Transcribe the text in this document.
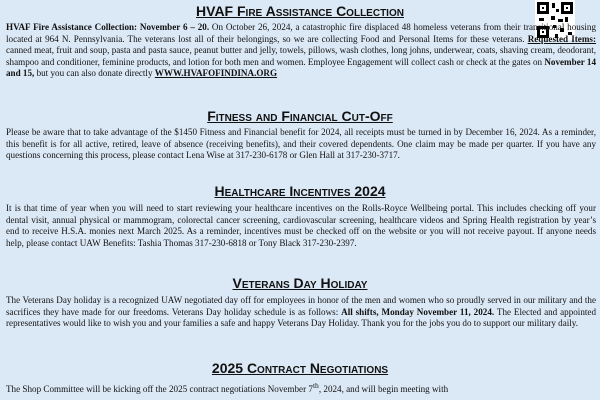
HVAF Fire Assistance Collection

HVAF Fire Assistance Collection: November 6 – 20. On October 26, 2024, a catastrophic fire displaced 48 homeless veterans from their transitional housing located at 964 N. Pennsylvania. The veterans lost all of their belongings, so we are collecting Food and Personal Items for these veterans. Requested Items: canned meat, fruit and soup, pasta and pasta sauce, peanut butter and jelly, towels, pillows, wash clothes, long johns, underwear, coats, shaving cream, deodorant, shampoo and conditioner, feminine products, and lotion for both men and women. Employee Engagement will collect cash or check at the gates on November 14 and 15, but you can also donate directly WWW.HVAFOFINDINA.ORG

Fitness and Financial Cut-Off

Please be aware that to take advantage of the $1450 Fitness and Financial benefit for 2024, all receipts must be turned in by December 16, 2024. As a reminder, this benefit is for all active, retired, leave of absence (receiving benefits), and their covered dependents. One claim may be made per quarter. If you have any questions concerning this process, please contact Lena Wise at 317-230-6178 or Glen Hall at 317-230-3717.

Healthcare Incentives 2024

It is that time of year when you will need to start reviewing your healthcare incentives on the Rolls-Royce Wellbeing portal. This includes checking off your dental visit, annual physical or mammogram, colorectal cancer screening, cardiovascular screening, healthcare videos and Spring Health registration by year’s end to receive H.S.A. monies next March 2025. As a reminder, incentives must be checked off on the website or you will not receive payout. If anyone needs help, please contact UAW Benefits: Tashia Thomas 317-230-6818 or Tony Black 317-230-2397.

Veterans Day Holiday

The Veterans Day holiday is a recognized UAW negotiated day off for employees in honor of the men and women who so proudly served in our military and the sacrifices they have made for our freedoms. Veterans Day holiday schedule is as follows: All shifts, Monday November 11, 2024. The Elected and appointed representatives would like to wish you and your families a safe and happy Veterans Day Holiday. Thank you for the jobs you do to support our military daily.

2025 Contract Negotiations

The Shop Committee will be kicking off the 2025 contract negotiations November 7th, 2024, and will begin meeting with
